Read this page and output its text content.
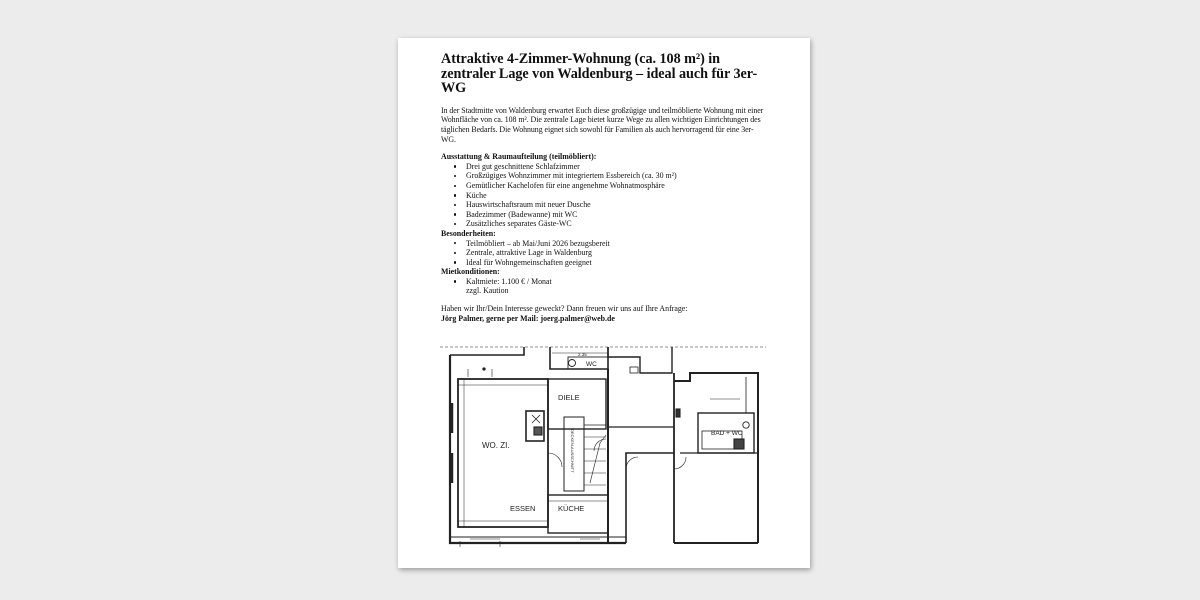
Attraktive 4-Zimmer-Wohnung (ca. 108 m²) in zentraler Lage von Waldenburg – ideal auch für 3er-WG

In der Stadtmitte von Waldenburg erwartet Euch diese großzügige und teilmöblierte Wohnung mit einer Wohnfläche von ca. 108 m². Die zentrale Lage bietet kurze Wege zu allen wichtigen Einrichtungen des täglichen Bedarfs. Die Wohnung eignet sich sowohl für Familien als auch hervorragend für eine 3er-WG.

Ausstattung & Raumaufteilung (teilmöbliert):

Drei gut geschnittene Schlafzimmer
Großzügiges Wohnzimmer mit integriertem Essbereich (ca. 30 m²)
Gemütlicher Kachelofen für eine angenehme Wohnatmosphäre
Küche
Hauswirtschaftsraum mit neuer Dusche
Badezimmer (Badewanne) mit WC
Zusätzliches separates Gäste-WC

Besonderheiten:

Teilmöbliert – ab Mai/Juni 2026 bezugsbereit
Zentrale, attraktive Lage in Waldenburg
Ideal für Wohngemeinschaften geeignet

Mietkonditionen:

Kaltmiete: 1.100 € / Monat
zzgl. Kaution
Haben wir Ihr/Dein Interesse geweckt? Dann freuen wir uns auf Ihre Anfrage:
Jörg Palmer, gerne per Mail: joerg.palmer@web.de
WC
2.35
DIELE
WO. ZI.
ESSEN	KÜCHE
BAD + WC
DECKEN-AUSSCHNITT
